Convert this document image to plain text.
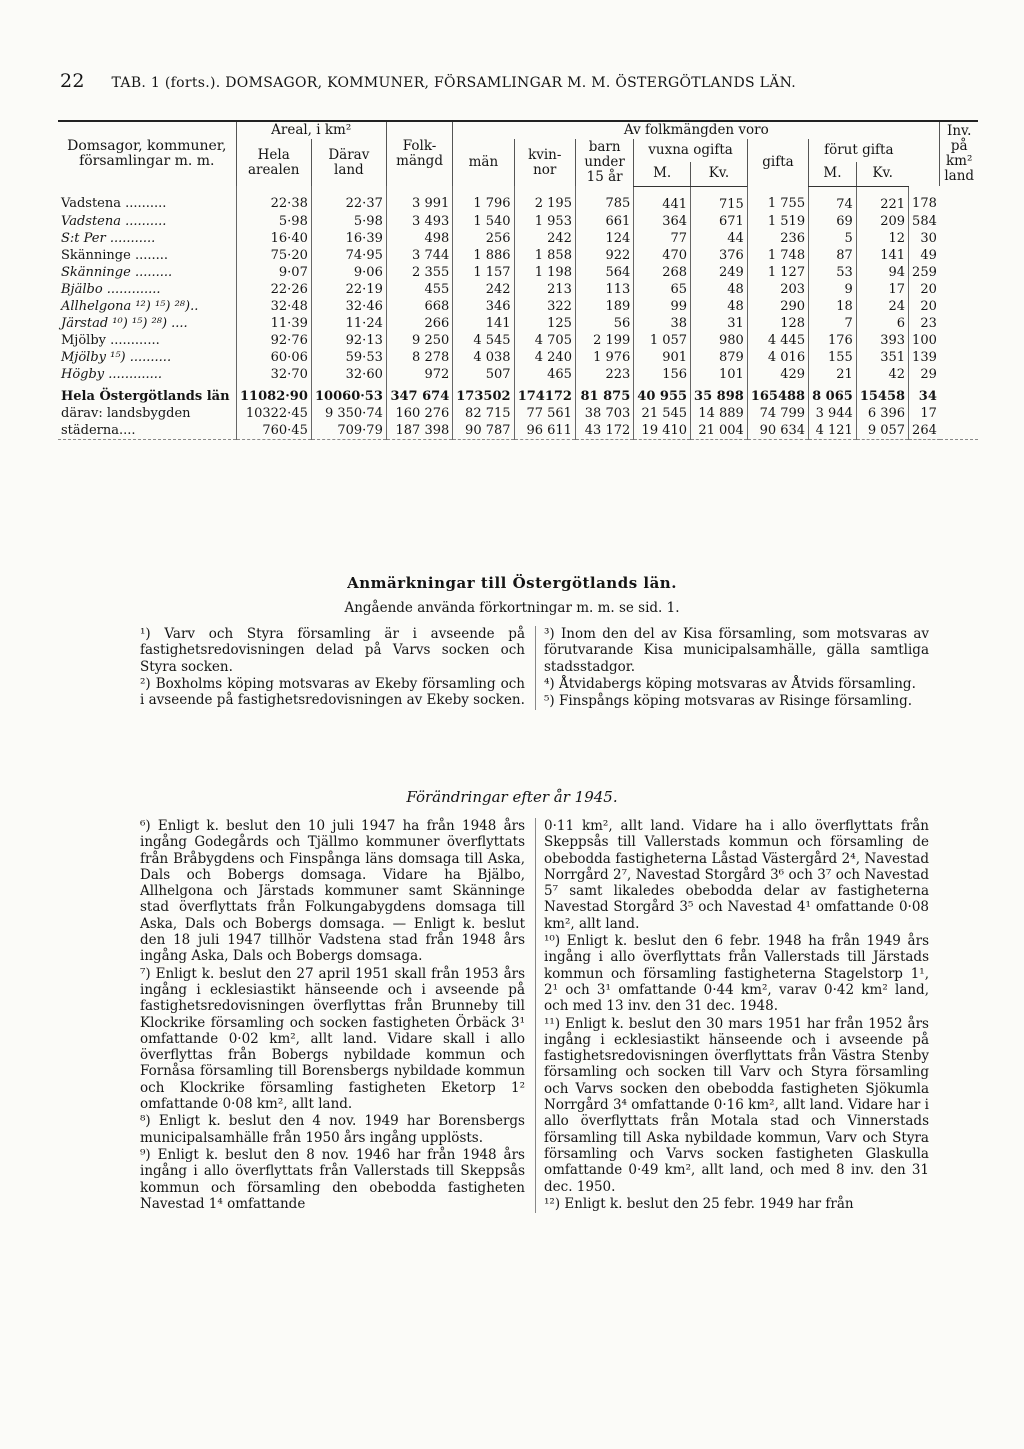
22 TAB. 1 (forts.). DOMSAGOR, KOMMUNER, FÖRSAMLINGAR M. M. ÖSTERGÖTLANDS LÄN.
Domsagor, kommuner, församlingar m. m.	Areal, i km²		Folk- mängd	Av folkmängden voro									Inv. på km² land
	Hela arealen	Därav land		män	kvin- nor	barn under 15 år	vuxna ogifta		gifta	förut gifta			
							M.	Kv.		M.	Kv.		
Vadstena ..........	22·38	22·37	3 991	1 796	2 195	785	441	715	1 755	74	221	178	
Vadstena ..........	5·98	5·98	3 493	1 540	1 953	661	364	671	1 519	69	209	584	
S:t Per ...........	16·40	16·39	498	256	242	124	77	44	236	5	12	30	
Skänninge ........	75·20	74·95	3 744	1 886	1 858	922	470	376	1 748	87	141	49	
Skänninge .........	9·07	9·06	2 355	1 157	1 198	564	268	249	1 127	53	94	259	
Bjälbo .............	22·26	22·19	455	242	213	113	65	48	203	9	17	20	
Allhelgona ¹²) ¹⁵) ²⁸)..	32·48	32·46	668	346	322	189	99	48	290	18	24	20	
Järstad ¹⁰) ¹⁵) ²⁸) ....	11·39	11·24	266	141	125	56	38	31	128	7	6	23	
Mjölby ............	92·76	92·13	9 250	4 545	4 705	2 199	1 057	980	4 445	176	393	100	
Mjölby ¹⁵) ..........	60·06	59·53	8 278	4 038	4 240	1 976	901	879	4 016	155	351	139	
Högby .............	32·70	32·60	972	507	465	223	156	101	429	21	42	29	
Hela Östergötlands län	11082·90	10060·53	347 674	173502	174172	81 875	40 955	35 898	165488	8 065	15458	34	
därav: landsbygden	10322·45	9 350·74	160 276	82 715	77 561	38 703	21 545	14 889	74 799	3 944	6 396	17	
städerna....	760·45	709·79	187 398	90 787	96 611	43 172	19 410	21 004	90 634	4 121	9 057	264	
Anmärkningar till Östergötlands län.
Angående använda förkortningar m. m. se sid. 1.

¹) Varv och Styra församling är i avseende på fastighetsredovisningen delad på Varvs socken och Styra socken.

²) Boxholms köping motsvaras av Ekeby församling och i avseende på fastighetsredovisningen av Ekeby socken.

³) Inom den del av Kisa församling, som motsvaras av förutvarande Kisa municipalsamhälle, gälla samtliga stadsstadgor.

⁴) Åtvidabergs köping motsvaras av Åtvids församling.

⁵) Finspångs köping motsvaras av Risinge församling.

Förändringar efter år 1945.

⁶) Enligt k. beslut den 10 juli 1947 ha från 1948 års ingång Godegårds och Tjällmo kommuner överflyttats från Bråbygdens och Finspånga läns domsaga till Aska, Dals och Bobergs domsaga. Vidare ha Bjälbo, Allhelgona och Järstads kommuner samt Skänninge stad överflyttats från Folkungabygdens domsaga till Aska, Dals och Bobergs domsaga. — Enligt k. beslut den 18 juli 1947 tillhör Vadstena stad från 1948 års ingång Aska, Dals och Bobergs domsaga.

⁷) Enligt k. beslut den 27 april 1951 skall från 1953 års ingång i ecklesiastikt hänseende och i avseende på fastighetsredovisningen överflyttas från Brunneby till Klockrike församling och socken fastigheten Örbäck 3¹ omfattande 0·02 km², allt land. Vidare skall i allo överflyttas från Bobergs nybildade kommun och Fornåsa församling till Borensbergs nybildade kommun och Klockrike församling fastigheten Eketorp 1² omfattande 0·08 km², allt land.

⁸) Enligt k. beslut den 4 nov. 1949 har Borensbergs municipalsamhälle från 1950 års ingång upplösts.

⁹) Enligt k. beslut den 8 nov. 1946 har från 1948 års ingång i allo överflyttats från Vallerstads till Skeppsås kommun och församling den obebodda fastigheten Navestad 1⁴ omfattande

0·11 km², allt land. Vidare ha i allo överflyttats från Skeppsås till Vallerstads kommun och församling de obebodda fastigheterna Låstad Västergård 2⁴, Navestad Norrgård 2⁷, Navestad Storgård 3⁶ och 3⁷ och Navestad 5⁷ samt likaledes obebodda delar av fastigheterna Navestad Storgård 3⁵ och Navestad 4¹ omfattande 0·08 km², allt land.

¹⁰) Enligt k. beslut den 6 febr. 1948 ha från 1949 års ingång i allo överflyttats från Vallerstads till Järstads kommun och församling fastigheterna Stagelstorp 1¹, 2¹ och 3¹ omfattande 0·44 km², varav 0·42 km² land, och med 13 inv. den 31 dec. 1948.

¹¹) Enligt k. beslut den 30 mars 1951 har från 1952 års ingång i ecklesiastikt hänseende och i avseende på fastighetsredovisningen överflyttats från Västra Stenby församling och socken till Varv och Styra församling och Varvs socken den obebodda fastigheten Sjökumla Norrgård 3⁴ omfattande 0·16 km², allt land. Vidare har i allo överflyttats från Motala stad och Vinnerstads församling till Aska nybildade kommun, Varv och Styra församling och Varvs socken fastigheten Glaskulla omfattande 0·49 km², allt land, och med 8 inv. den 31 dec. 1950.

¹²) Enligt k. beslut den 25 febr. 1949 har från
